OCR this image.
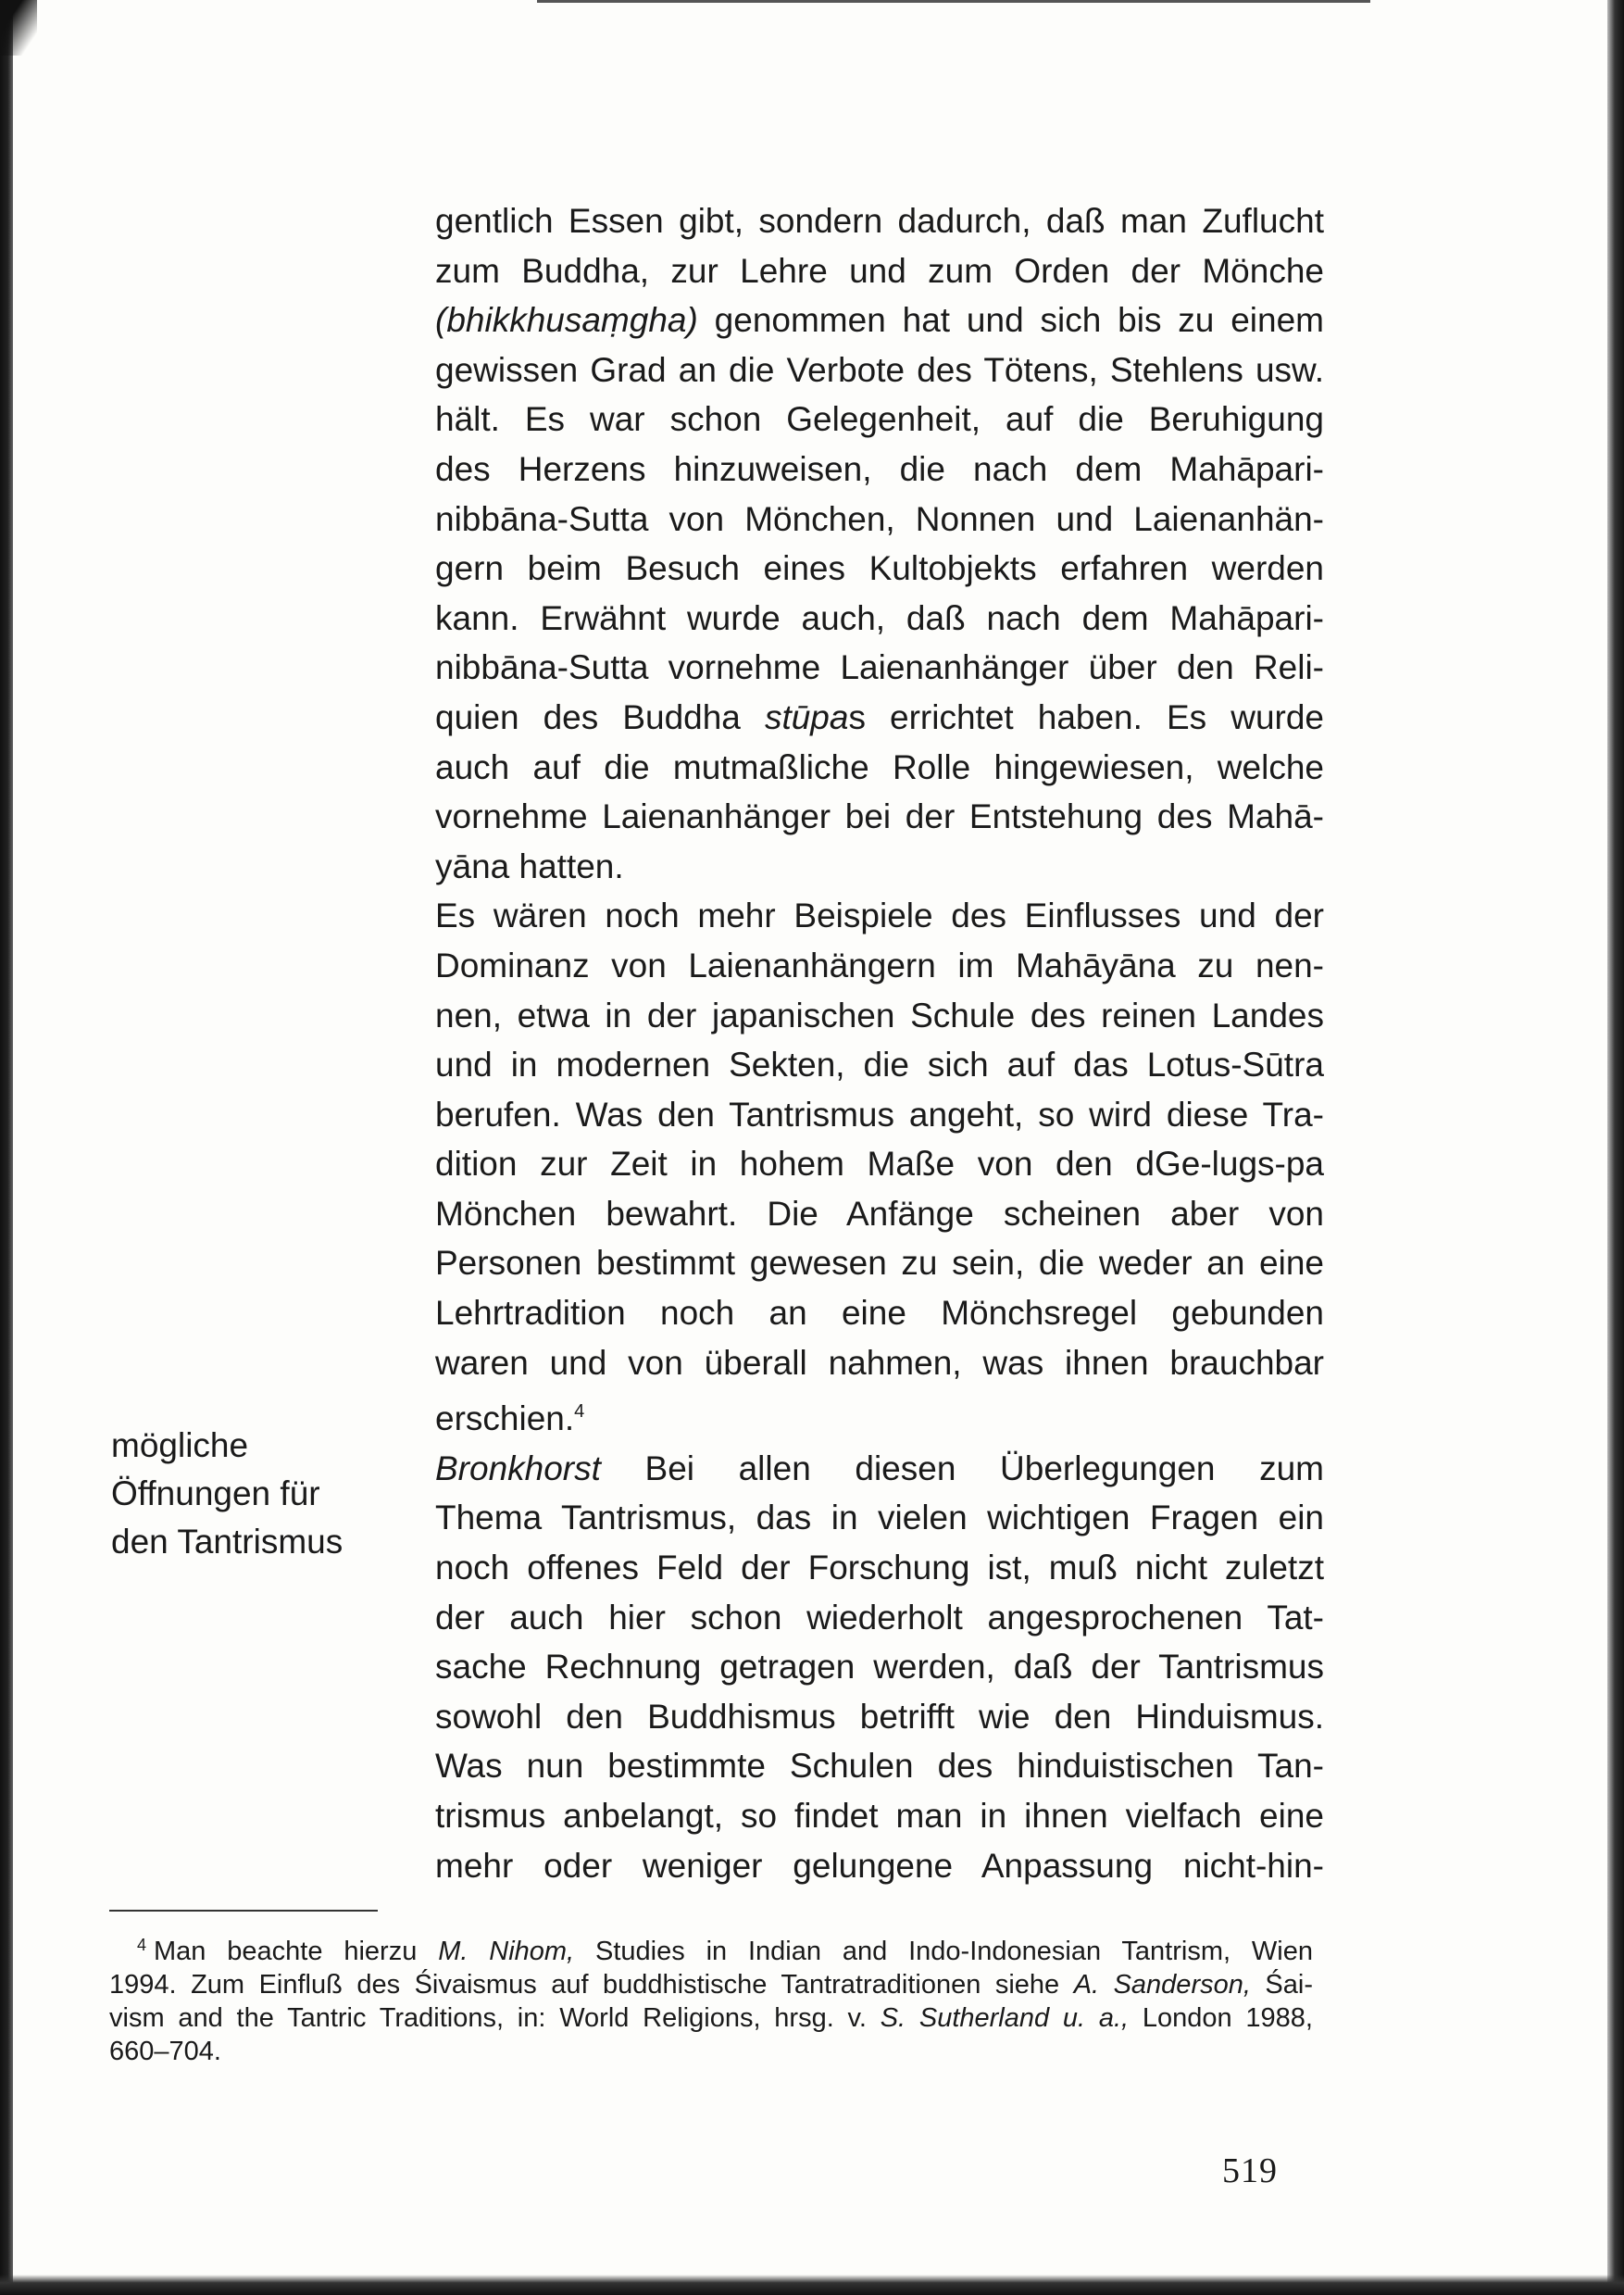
gentlich Essen gibt, sondern dadurch, daß man Zuflucht
zum Buddha, zur Lehre und zum Orden der Mönche
(bhikkhusaṃgha) genommen hat und sich bis zu einem
gewissen Grad an die Verbote des Tötens, Stehlens usw.
hält. Es war schon Gelegenheit, auf die Beruhigung
des Herzens hinzuweisen, die nach dem Mahāpari-
nibbāna-Sutta von Mönchen, Nonnen und Laienanhän-
gern beim Besuch eines Kultobjekts erfahren werden
kann. Erwähnt wurde auch, daß nach dem Mahāpari-
nibbāna-Sutta vornehme Laienanhänger über den Reli-
quien des Buddha stūpas errichtet haben. Es wurde
auch auf die mutmaßliche Rolle hingewiesen, welche
vornehme Laienanhänger bei der Entstehung des Mahā-
yāna hatten.
Es wären noch mehr Beispiele des Einflusses und der
Dominanz von Laienanhängern im Mahāyāna zu nen-
nen, etwa in der japanischen Schule des reinen Landes
und in modernen Sekten, die sich auf das Lotus-Sūtra
berufen. Was den Tantrismus angeht, so wird diese Tra-
dition zur Zeit in hohem Maße von den dGe-lugs-pa
Mönchen bewahrt. Die Anfänge scheinen aber von
Personen bestimmt gewesen zu sein, die weder an eine
Lehrtradition noch an eine Mönchsregel gebunden
waren und von überall nahmen, was ihnen brauchbar
erschien.$^4$
Bronkhorst Bei allen diesen Überlegungen zum
Thema Tantrismus, das in vielen wichtigen Fragen ein
noch offenes Feld der Forschung ist, muß nicht zuletzt
der auch hier schon wiederholt angesprochenen Tat-
sache Rechnung getragen werden, daß der Tantrismus
sowohl den Buddhismus betrifft wie den Hinduismus.
Was nun bestimmte Schulen des hinduistischen Tan-
trismus anbelangt, so findet man in ihnen vielfach eine
mehr oder weniger gelungene Anpassung nicht-hin-
mögliche
Öffnungen für
den Tantrismus
$^4$ Man beachte hierzu M. Nihom, Studies in Indian and Indo-Indonesian Tantrism, Wien
1994. Zum Einfluß des Śivaismus auf buddhistische Tantratraditionen siehe A. Sanderson, Śai-
vism and the Tantric Traditions, in: World Religions, hrsg. v. S. Sutherland u. a., London 1988,
660–704.
519
